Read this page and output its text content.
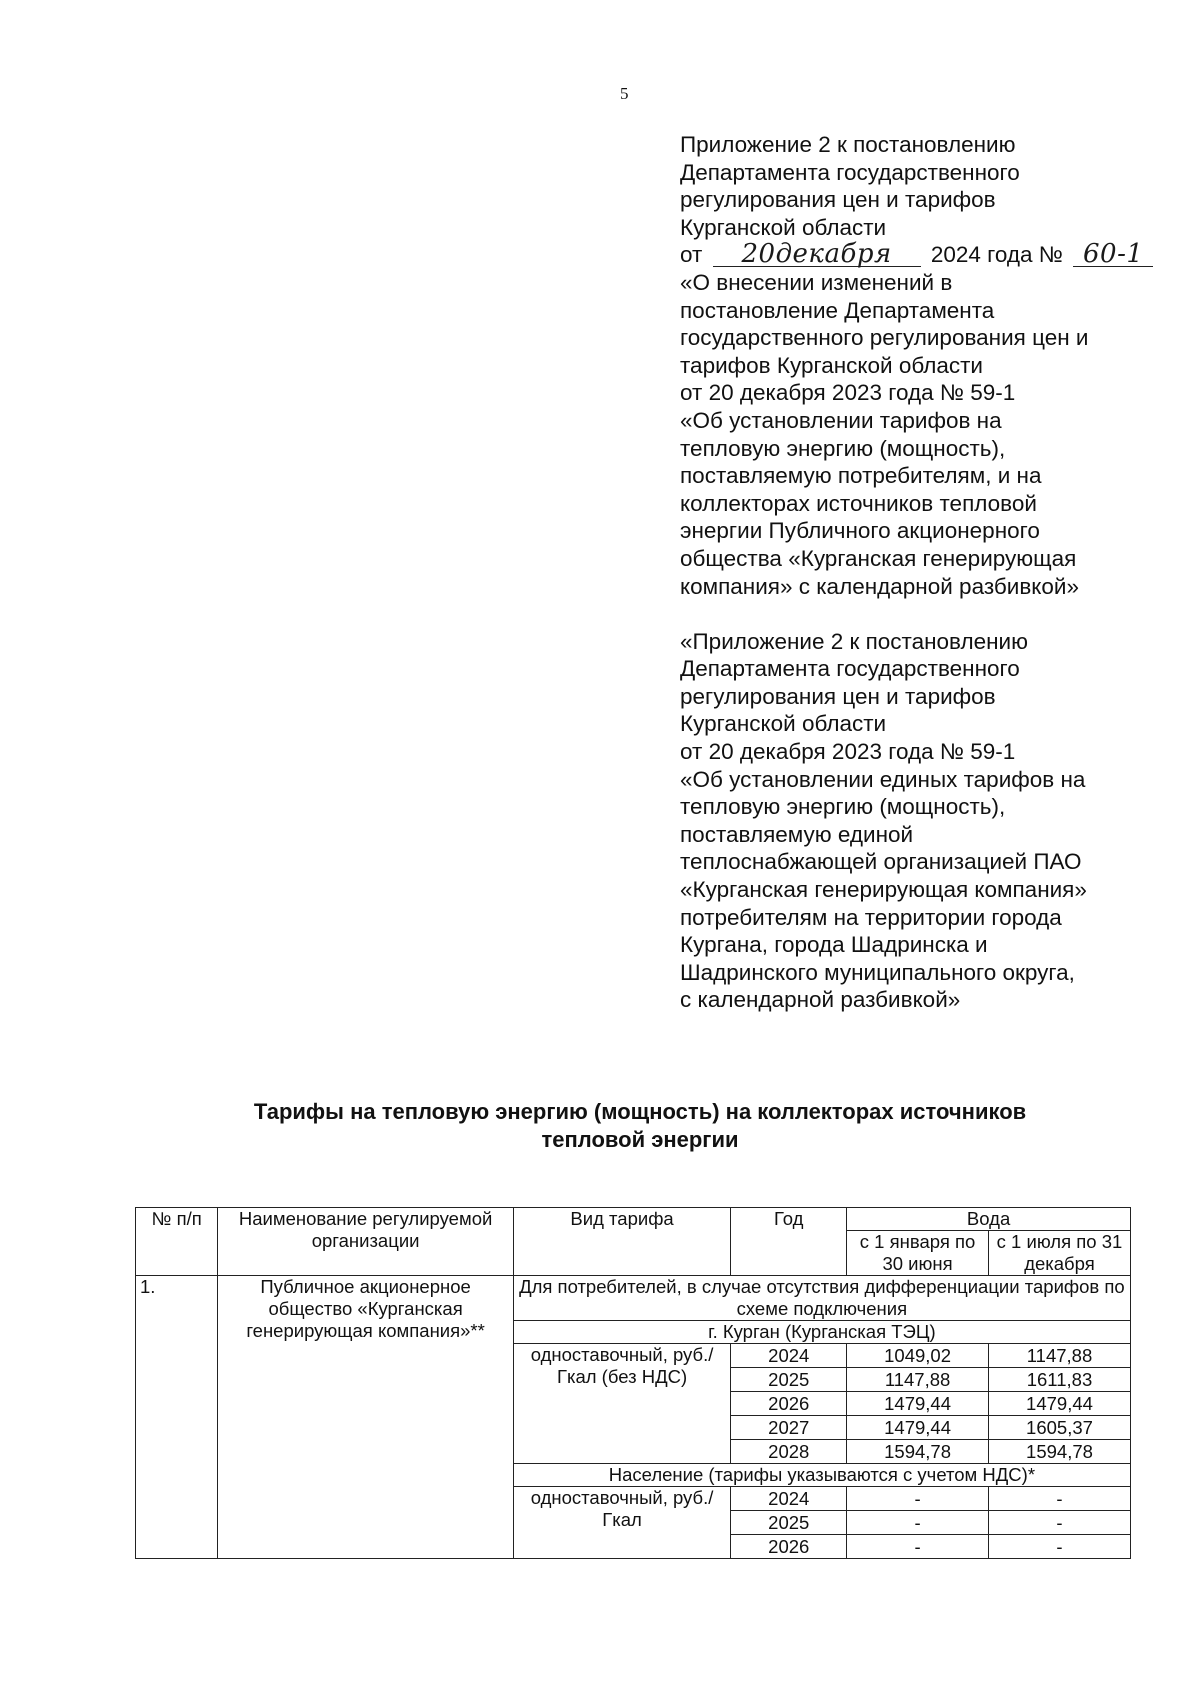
5
Приложение 2 к постановлению
Департамента государственного
регулирования цен и тарифов
Курганской области
от 20декабря 2024 года № 60-1
«О внесении изменений в
постановление Департамента
государственного регулирования цен и
тарифов Курганской области
от 20 декабря 2023 года № 59-1
«Об установлении тарифов на
тепловую энергию (мощность),
поставляемую потребителям, и на
коллекторах источников тепловой
энергии Публичного акционерного
общества «Курганская генерирующая
компания» с календарной разбивкой»
«Приложение 2 к постановлению
Департамента государственного
регулирования цен и тарифов
Курганской области
от 20 декабря 2023 года № 59-1
«Об установлении единых тарифов на
тепловую энергию (мощность),
поставляемую единой
теплоснабжающей организацией ПАО
«Курганская генерирующая компания»
потребителям на территории города
Кургана, города Шадринска и
Шадринского муниципального округа,
с календарной разбивкой»
Тарифы на тепловую энергию (мощность) на коллекторах источников
тепловой энергии
№ п/п	Наименование регулируемой организации	Вид тарифа	Год	Вода	
				с 1 января по 30 июня	с 1 июля по 31 декабря
1.	Публичное акционерное общество «Курганская генерирующая компания»**	Для потребителей, в случае отсутствия дифференциации тарифов по схеме подключения			
		г. Курган (Курганская ТЭЦ)			
		одноставочный, руб./Гкал (без НДС)	2024	1049,02	1147,88
			2025	1147,88	1611,83
			2026	1479,44	1479,44
			2027	1479,44	1605,37
			2028	1594,78	1594,78
		Население (тарифы указываются с учетом НДС)*			
		одноставочный, руб./Гкал	2024	-	-
			2025	-	-
			2026	-	-
